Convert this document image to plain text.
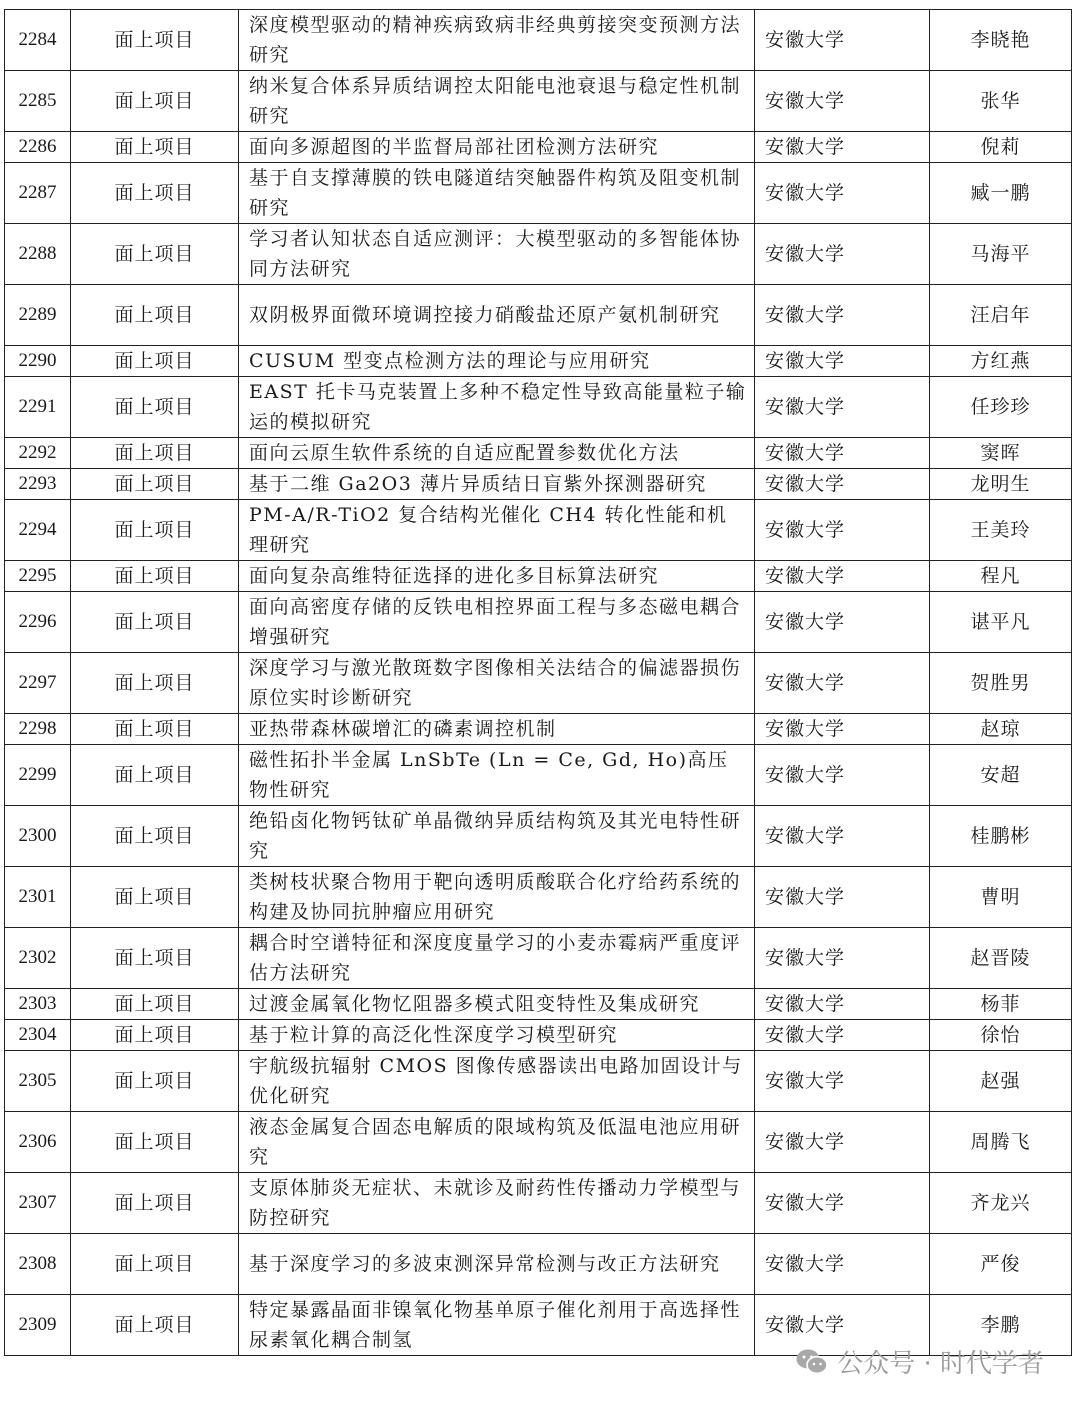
2284	面上项目	深度模型驱动的精神疾病致病非经典剪接突变预测方法研究	安徽大学	李晓艳
2285	面上项目	纳米复合体系异质结调控太阳能电池衰退与稳定性机制研究	安徽大学	张华
2286	面上项目	面向多源超图的半监督局部社团检测方法研究	安徽大学	倪莉
2287	面上项目	基于自支撑薄膜的铁电隧道结突触器件构筑及阻变机制研究	安徽大学	臧一鹏
2288	面上项目	学习者认知状态自适应测评：大模型驱动的多智能体协同方法研究	安徽大学	马海平
2289	面上项目	双阴极界面微环境调控接力硝酸盐还原产氨机制研究	安徽大学	汪启年
2290	面上项目	CUSUM 型变点检测方法的理论与应用研究	安徽大学	方红燕
2291	面上项目	EAST 托卡马克装置上多种不稳定性导致高能量粒子输运的模拟研究	安徽大学	任珍珍
2292	面上项目	面向云原生软件系统的自适应配置参数优化方法	安徽大学	窦晖
2293	面上项目	基于二维 Ga2O3 薄片异质结日盲紫外探测器研究	安徽大学	龙明生
2294	面上项目	PM-A/R-TiO2 复合结构光催化 CH4 转化性能和机理研究	安徽大学	王美玲
2295	面上项目	面向复杂高维特征选择的进化多目标算法研究	安徽大学	程凡
2296	面上项目	面向高密度存储的反铁电相控界面工程与多态磁电耦合增强研究	安徽大学	谌平凡
2297	面上项目	深度学习与激光散斑数字图像相关法结合的偏滤器损伤原位实时诊断研究	安徽大学	贺胜男
2298	面上项目	亚热带森林碳增汇的磷素调控机制	安徽大学	赵琼
2299	面上项目	磁性拓扑半金属 LnSbTe (Ln = Ce, Gd, Ho)高压物性研究	安徽大学	安超
2300	面上项目	绝铅卤化物钙钛矿单晶微纳异质结构筑及其光电特性研究	安徽大学	桂鹏彬
2301	面上项目	类树枝状聚合物用于靶向透明质酸联合化疗给药系统的构建及协同抗肿瘤应用研究	安徽大学	曹明
2302	面上项目	耦合时空谱特征和深度度量学习的小麦赤霉病严重度评估方法研究	安徽大学	赵晋陵
2303	面上项目	过渡金属氧化物忆阻器多模式阻变特性及集成研究	安徽大学	杨菲
2304	面上项目	基于粒计算的高泛化性深度学习模型研究	安徽大学	徐怡
2305	面上项目	宇航级抗辐射 CMOS 图像传感器读出电路加固设计与优化研究	安徽大学	赵强
2306	面上项目	液态金属复合固态电解质的限域构筑及低温电池应用研究	安徽大学	周腾飞
2307	面上项目	支原体肺炎无症状、未就诊及耐药性传播动力学模型与防控研究	安徽大学	齐龙兴
2308	面上项目	基于深度学习的多波束测深异常检测与改正方法研究	安徽大学	严俊
2309	面上项目	特定暴露晶面非镍氧化物基单原子催化剂用于高选择性尿素氧化耦合制氢	安徽大学	李鹏
公众号 · 时代学者
